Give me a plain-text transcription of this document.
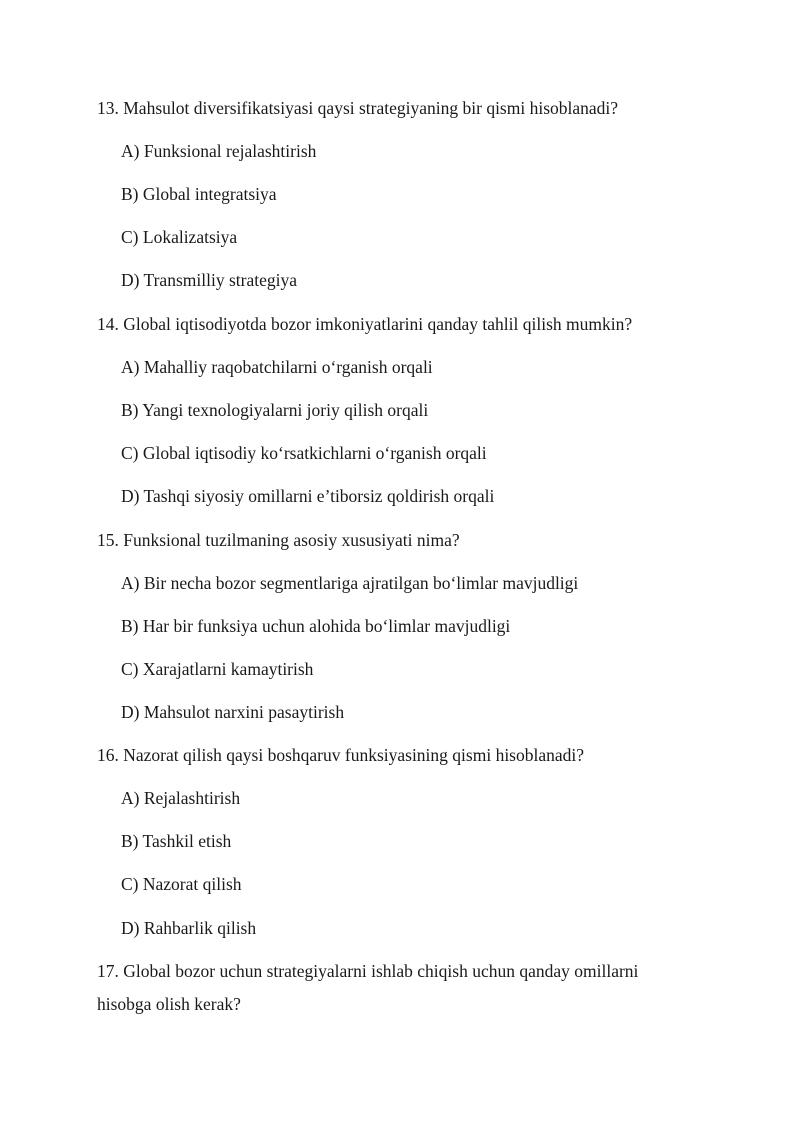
13. Mahsulot diversifikatsiyasi qaysi strategiyaning bir qismi hisoblanadi?
A) Funksional rejalashtirish
B) Global integratsiya
C) Lokalizatsiya
D) Transmilliy strategiya
14. Global iqtisodiyotda bozor imkoniyatlarini qanday tahlil qilish mumkin?
A) Mahalliy raqobatchilarni o‘rganish orqali
B) Yangi texnologiyalarni joriy qilish orqali
C) Global iqtisodiy ko‘rsatkichlarni o‘rganish orqali
D) Tashqi siyosiy omillarni e’tiborsiz qoldirish orqali
15. Funksional tuzilmaning asosiy xususiyati nima?
A) Bir necha bozor segmentlariga ajratilgan bo‘limlar mavjudligi
B) Har bir funksiya uchun alohida bo‘limlar mavjudligi
C) Xarajatlarni kamaytirish
D) Mahsulot narxini pasaytirish
16. Nazorat qilish qaysi boshqaruv funksiyasining qismi hisoblanadi?
A) Rejalashtirish
B) Tashkil etish
C) Nazorat qilish
D) Rahbarlik qilish
17. Global bozor uchun strategiyalarni ishlab chiqish uchun qanday omillarni
hisobga olish kerak?
